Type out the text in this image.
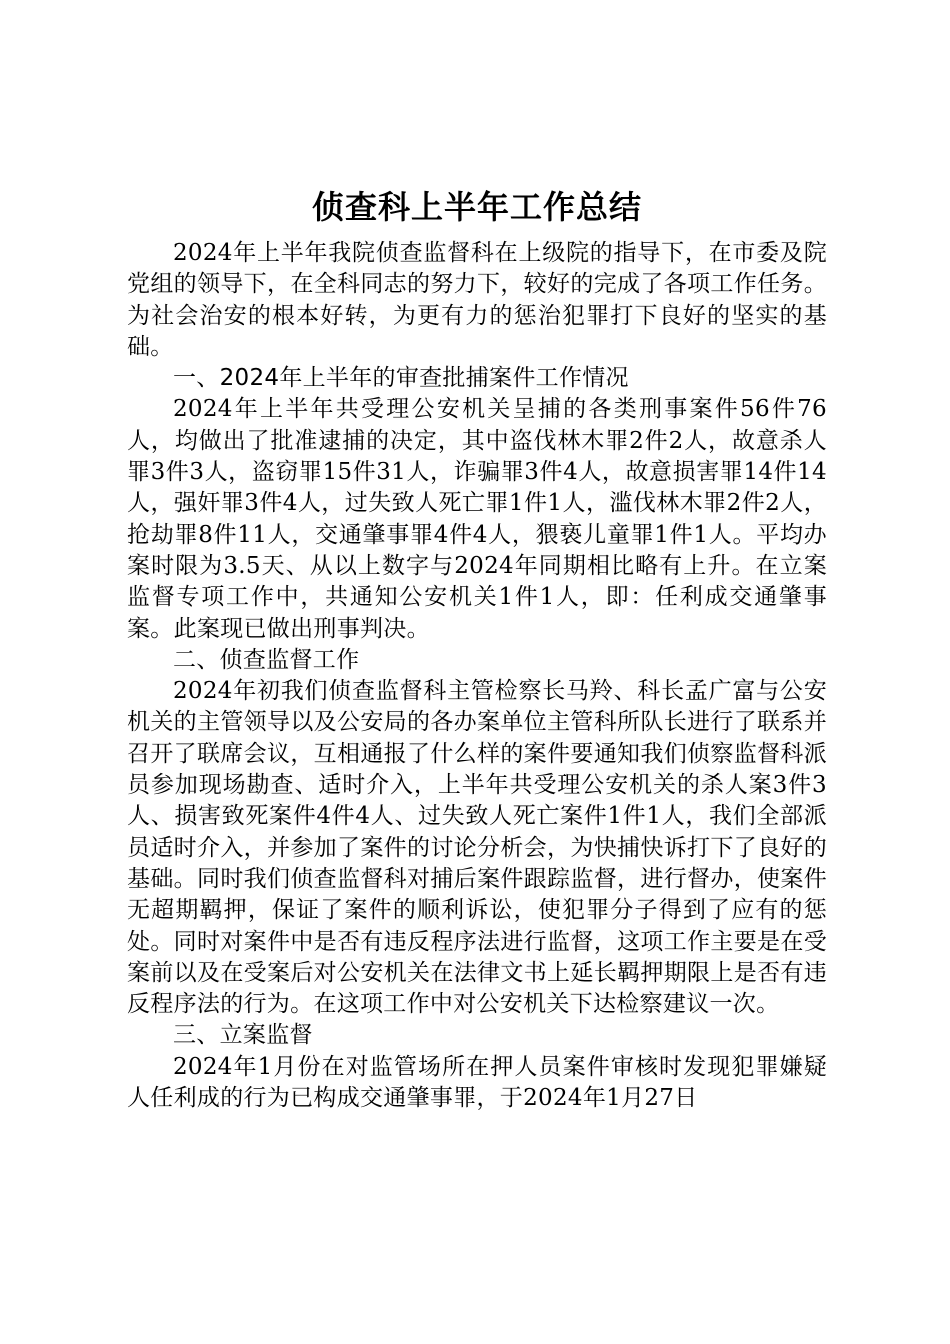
侦查科上半年工作总结

2024年上半年我院侦查监督科在上级院的指导下，在市委及院党组的领导下，在全科同志的努力下，较好的完成了各项工作任务。为社会治安的根本好转，为更有力的惩治犯罪打下良好的坚实的基础。

一、2024年上半年的审查批捕案件工作情况

2024年上半年共受理公安机关呈捕的各类刑事案件56件76人，均做出了批准逮捕的决定，其中盗伐林木罪2件2人，故意杀人罪3件3人，盗窃罪15件31人，诈骗罪3件4人，故意损害罪14件14人，强奸罪3件4人，过失致人死亡罪1件1人，滥伐林木罪2件2人，抢劫罪8件11人，交通肇事罪4件4人，猥亵儿童罪1件1人。平均办案时限为3.5天、从以上数字与2024年同期相比略有上升。在立案监督专项工作中，共通知公安机关1件1人，即：任利成交通肇事案。此案现已做出刑事判决。

二、侦查监督工作

2024年初我们侦查监督科主管检察长马羚、科长孟广富与公安机关的主管领导以及公安局的各办案单位主管科所队长进行了联系并召开了联席会议，互相通报了什么样的案件要通知我们侦察监督科派员参加现场勘查、适时介入，上半年共受理公安机关的杀人案3件3人、损害致死案件4件4人、过失致人死亡案件1件1人，我们全部派员适时介入，并参加了案件的讨论分析会，为快捕快诉打下了良好的基础。同时我们侦查监督科对捕后案件跟踪监督，进行督办，使案件无超期羁押，保证了案件的顺利诉讼，使犯罪分子得到了应有的惩处。同时对案件中是否有违反程序法进行监督，这项工作主要是在受案前以及在受案后对公安机关在法律文书上延长羁押期限上是否有违反程序法的行为。在这项工作中对公安机关下达检察建议一次。

三、立案监督

2024年1月份在对监管场所在押人员案件审核时发现犯罪嫌疑人任利成的行为已构成交通肇事罪，于2024年1月27日
